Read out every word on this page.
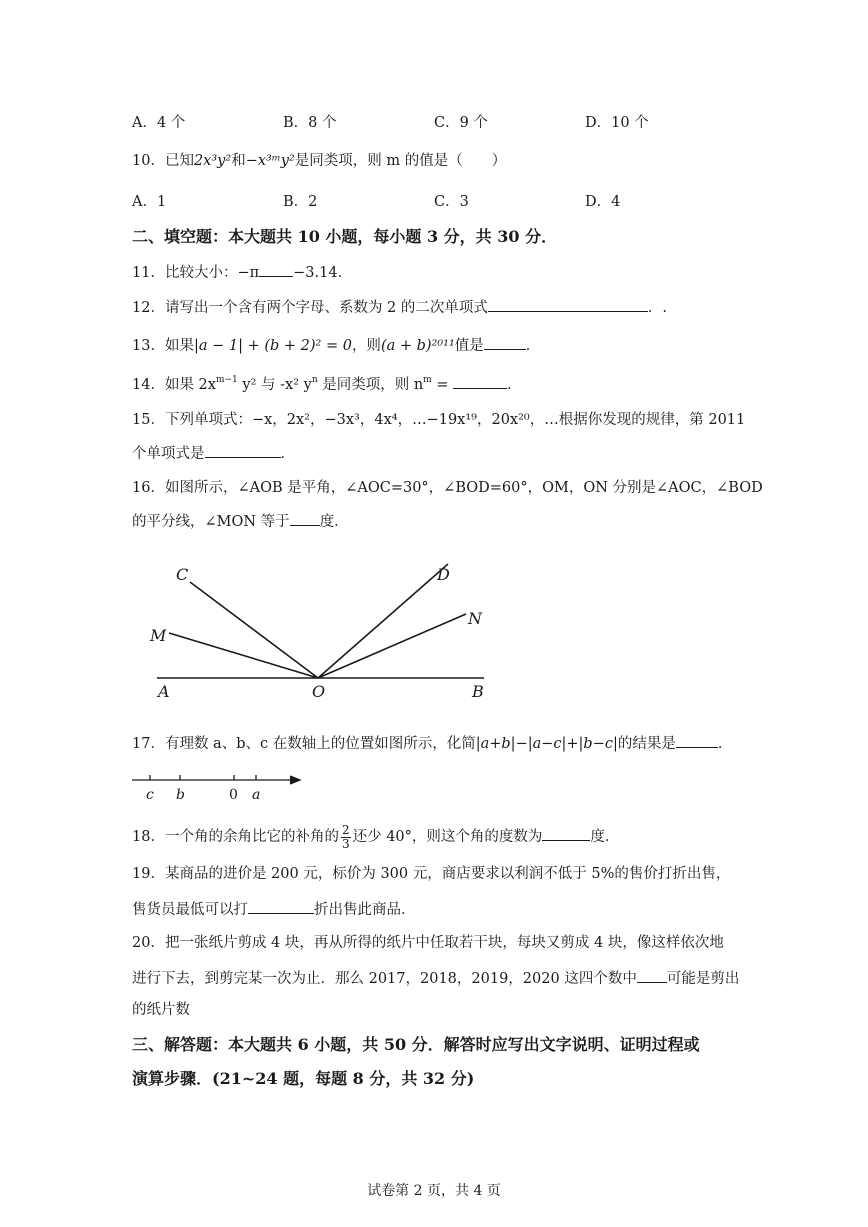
A．4 个	B．8 个	C．9 个	D．10 个
10．已知2x³y²和−x³ᵐy²是同类项，则 m 的值是（　　）
A．1	B．2	C．3	D．4
二、填空题：本大题共 10 小题，每小题 3 分，共 30 分．
11．比较大小：−π −3.14．
12．请写出一个含有两个字母、系数为 2 的二次单项式	．.
13．如果|a − 1| + (b + 2)² = 0，则(a + b)²⁰¹¹值是	．
14．如果 $2x^{m-1}$ y² 与 -x² $y^n$ 是同类项，则 $n^m$ =	．
15．下列单项式：−x，2x²，−3x³，4x⁴，…−19x¹⁹，20x²⁰，…根据你发现的规律，第 2011
个单项式是	．
16．如图所示，∠AOB 是平角，∠AOC=30°，∠BOD=60°，OM，ON 分别是∠AOC，∠BOD
的平分线，∠MON 等于 度．
C	D
M
N
A	O	B
17．有理数 a、b、c 在数轴上的位置如图所示，化简|a+b|−|a−c|+|b−c|的结果是	．
c b	0 a
18．一个角的余角比它的补角的 $\frac{2}{3}$ 还少 40°，则这个角的度数为	度．
19．某商品的进价是 200 元，标价为 300 元，商店要求以利润不低于 5%的售价打折出售，
售货员最低可以打	折出售此商品．
20．把一张纸片剪成 4 块，再从所得的纸片中任取若干块，每块又剪成 4 块，像这样依次地
进行下去，到剪完某一次为止．那么 2017，2018，2019，2020 这四个数中 可能是剪出
的纸片数
三、解答题：本大题共 6 小题，共 50 分．解答时应写出文字说明、证明过程或
演算步骤．(21~24 题，每题 8 分，共 32 分)
试卷第 2 页，共 4 页
